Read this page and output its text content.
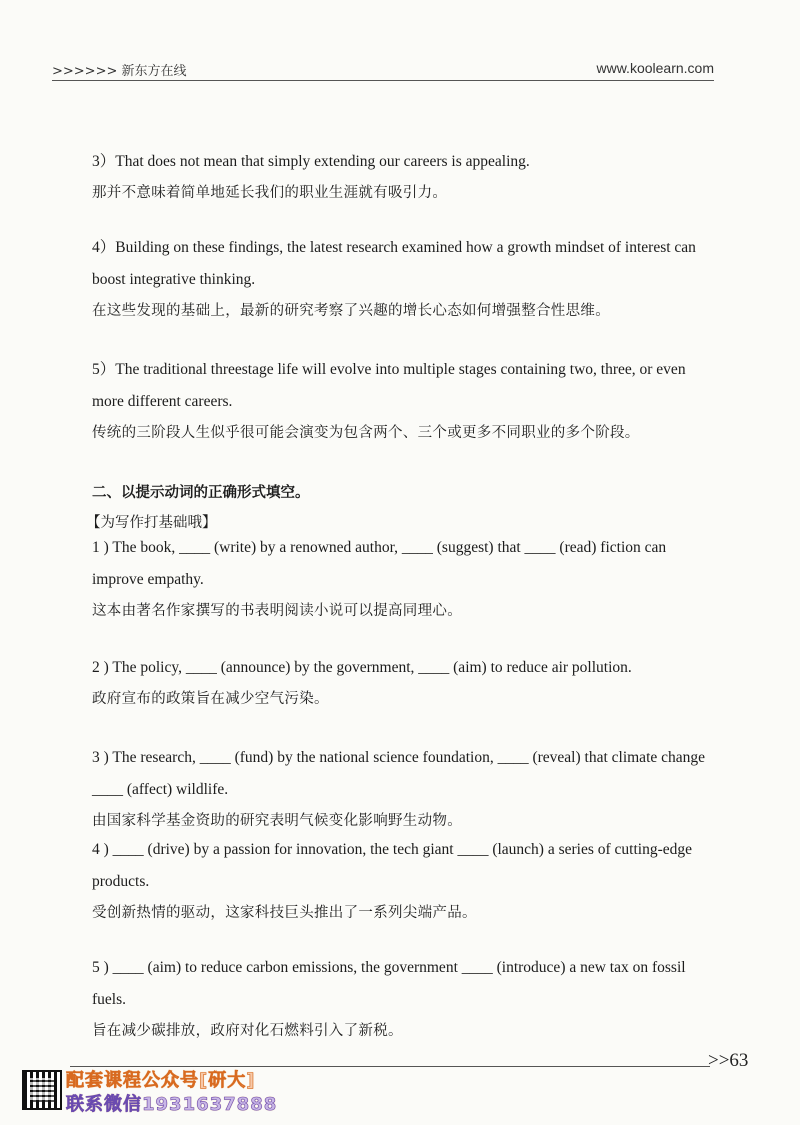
>>>>>> 新东方在线	www.koolearn.com

3）That does not mean that simply extending our careers is appealing.

那并不意味着简单地延长我们的职业生涯就有吸引力。

4）Building on these findings, the latest research examined how a growth mindset of interest can boost integrative thinking.

在这些发现的基础上，最新的研究考察了兴趣的增长心态如何增强整合性思维。

5）The traditional threestage life will evolve into multiple stages containing two, three, or even more different careers.

传统的三阶段人生似乎很可能会演变为包含两个、三个或更多不同职业的多个阶段。

二、以提示动词的正确形式填空。

【为写作打基础哦】

1 ) The book, ____ (write) by a renowned author, ____ (suggest) that ____ (read) fiction can improve empathy.

这本由著名作家撰写的书表明阅读小说可以提高同理心。

2 ) The policy, ____ (announce) by the government, ____ (aim) to reduce air pollution.

政府宣布的政策旨在减少空气污染。

3 ) The research, ____ (fund) by the national science foundation, ____ (reveal) that climate change ____ (affect) wildlife.

由国家科学基金资助的研究表明气候变化影响野生动物。

4 ) ____ (drive) by a passion for innovation, the tech giant ____ (launch) a series of cutting-edge products.

受创新热情的驱动，这家科技巨头推出了一系列尖端产品。

5 ) ____ (aim) to reduce carbon emissions, the government ____ (introduce) a new tax on fossil fuels.

旨在减少碳排放，政府对化石燃料引入了新税。

>>63
配套课程公众号[研大]
联系微信1931637888
